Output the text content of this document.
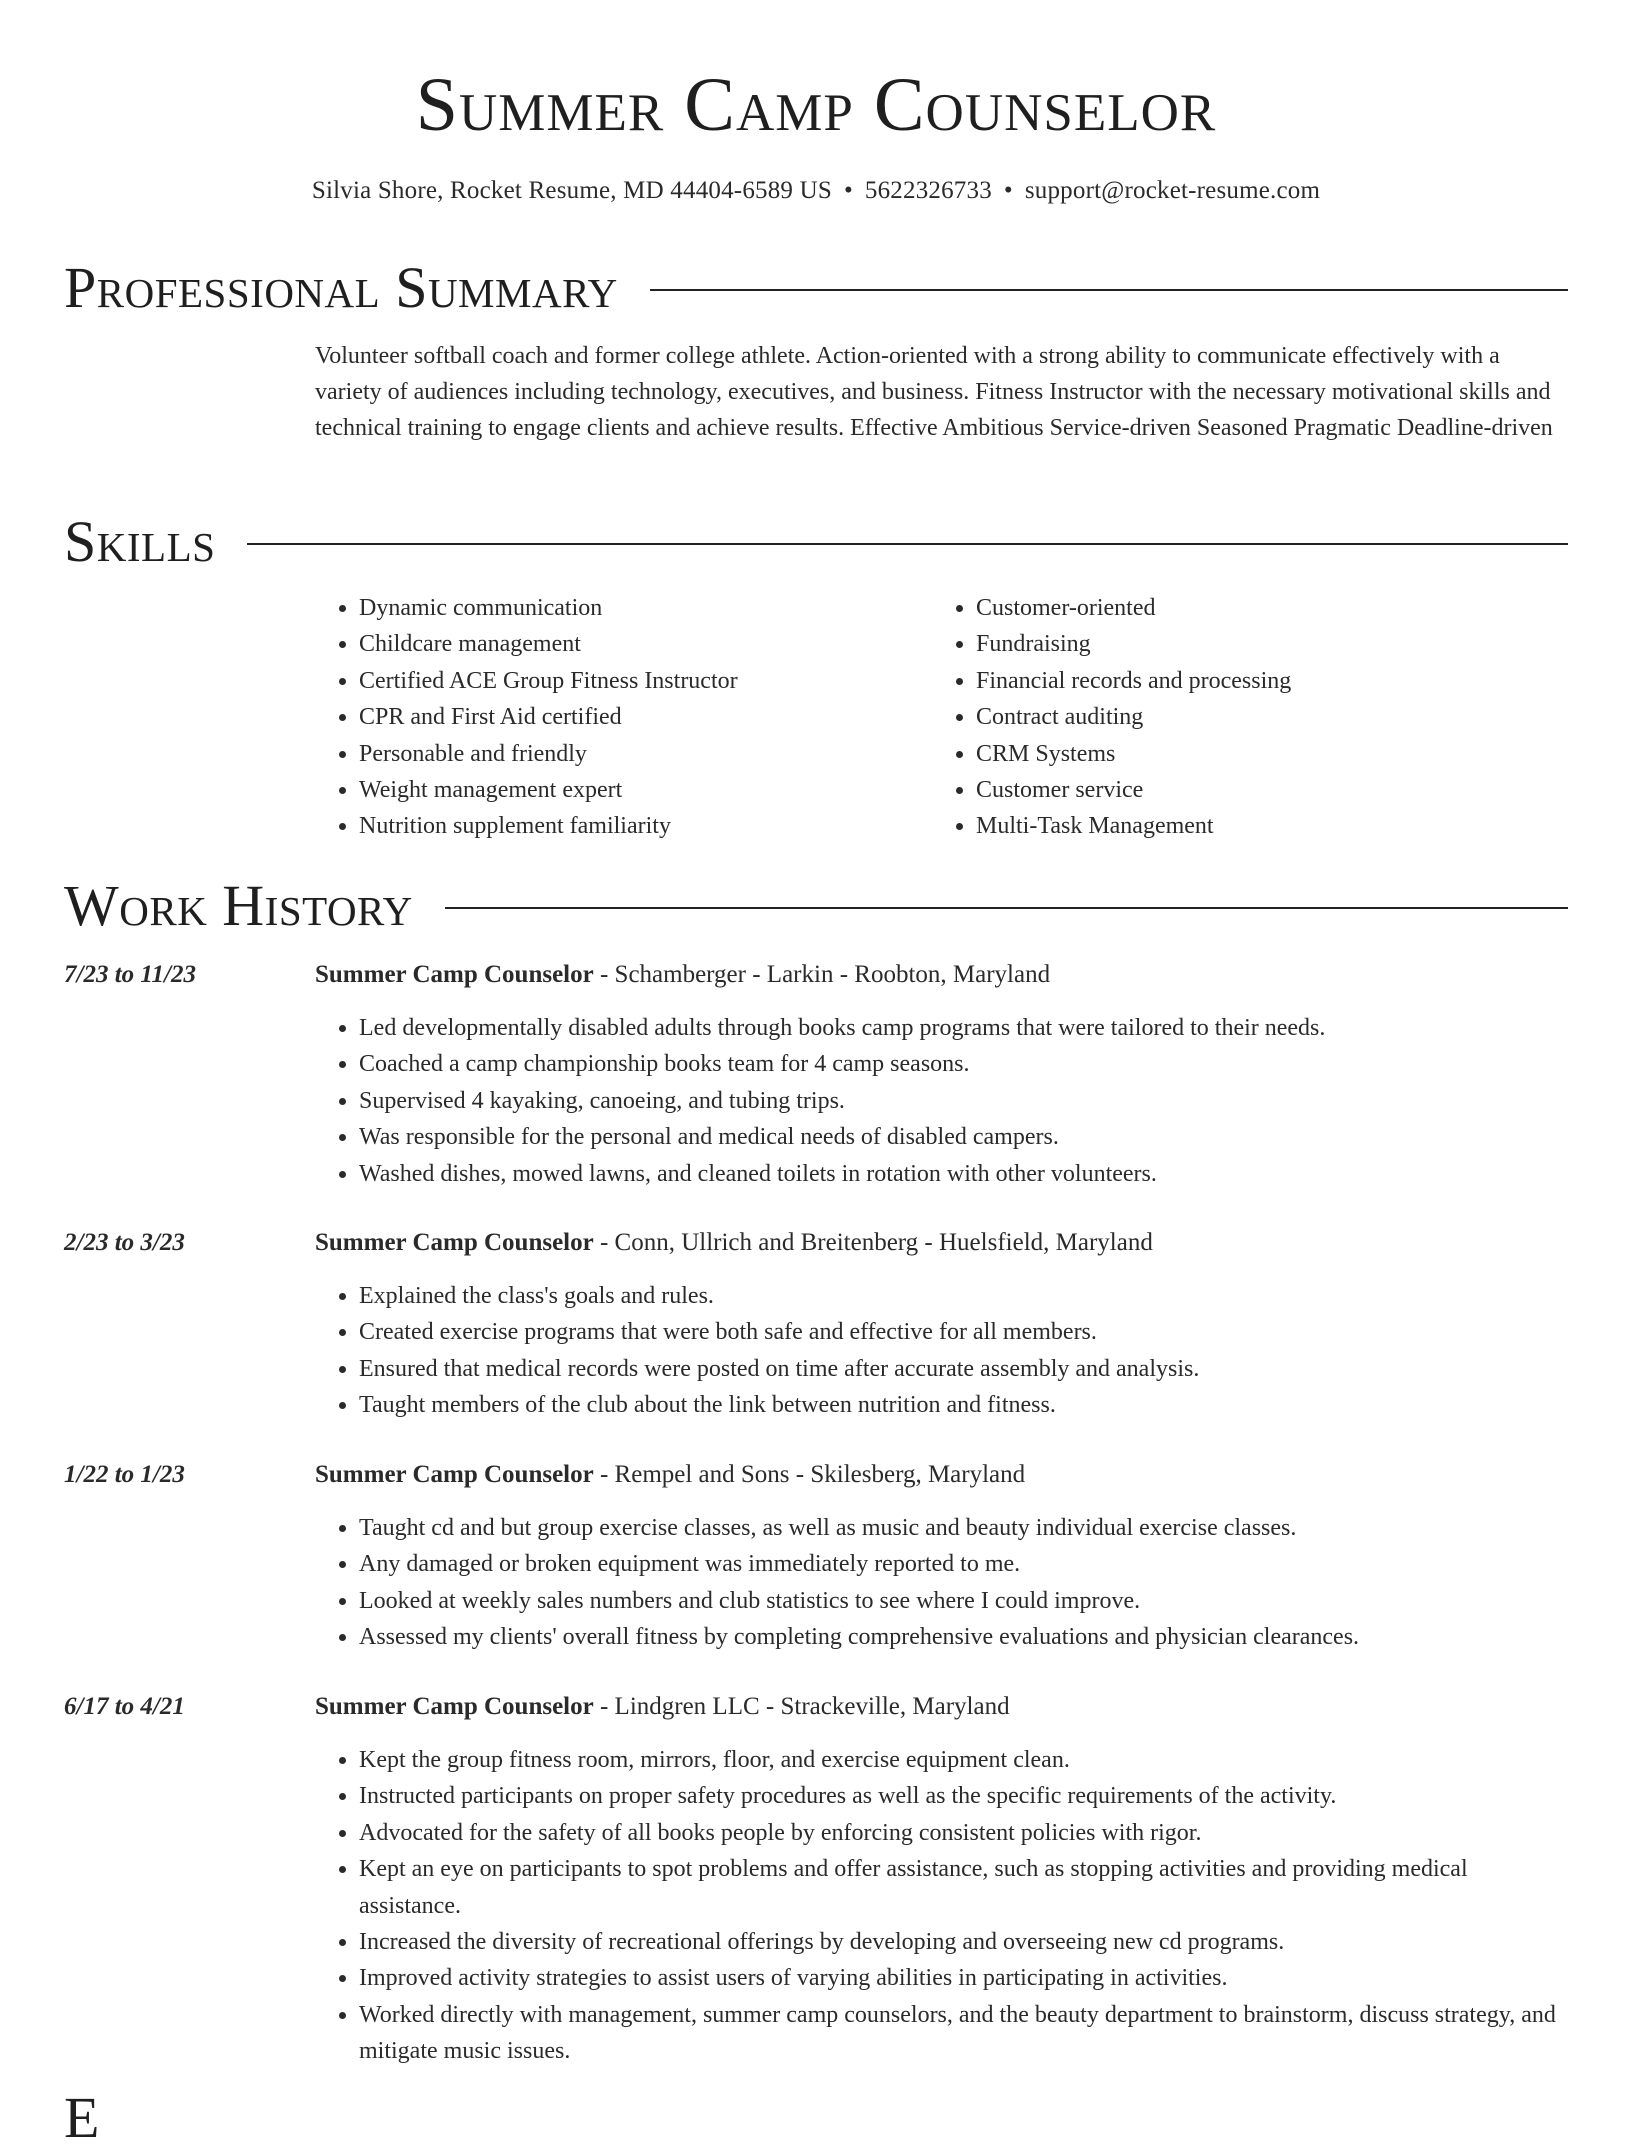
Summer Camp Counselor
Silvia Shore, Rocket Resume, MD 44404-6589 US • 5622326733 • support@rocket-resume.com
Professional Summary

Volunteer softball coach and former college athlete. Action-oriented with a strong ability to communicate effectively with a variety of audiences including technology, executives, and business. Fitness Instructor with the necessary motivational skills and technical training to engage clients and achieve results. Effective Ambitious Service-driven Seasoned Pragmatic Deadline-driven

Skills
• Dynamic communication
• Childcare management
• Certified ACE Group Fitness Instructor
• CPR and First Aid certified
• Personable and friendly
• Weight management expert
• Nutrition supplement familiarity
• Customer-oriented
• Fundraising
• Financial records and processing
• Contract auditing
• CRM Systems
• Customer service
• Multi-Task Management
Work History
7/23 to 11/23	Summer Camp Counselor - Schamberger - Larkin - Roobton, Maryland
• Led developmentally disabled adults through books camp programs that were tailored to their needs.
• Coached a camp championship books team for 4 camp seasons.
• Supervised 4 kayaking, canoeing, and tubing trips.
• Was responsible for the personal and medical needs of disabled campers.
• Washed dishes, mowed lawns, and cleaned toilets in rotation with other volunteers.
2/23 to 3/23	Summer Camp Counselor - Conn, Ullrich and Breitenberg - Huelsfield, Maryland
• Explained the class's goals and rules.
• Created exercise programs that were both safe and effective for all members.
• Ensured that medical records were posted on time after accurate assembly and analysis.
• Taught members of the club about the link between nutrition and fitness.
1/22 to 1/23	Summer Camp Counselor - Rempel and Sons - Skilesberg, Maryland
• Taught cd and but group exercise classes, as well as music and beauty individual exercise classes.
• Any damaged or broken equipment was immediately reported to me.
• Looked at weekly sales numbers and club statistics to see where I could improve.
• Assessed my clients' overall fitness by completing comprehensive evaluations and physician clearances.
6/17 to 4/21	Summer Camp Counselor - Lindgren LLC - Strackeville, Maryland
• Kept the group fitness room, mirrors, floor, and exercise equipment clean.
• Instructed participants on proper safety procedures as well as the specific requirements of the activity.
• Advocated for the safety of all books people by enforcing consistent policies with rigor.
• Kept an eye on participants to spot problems and offer assistance, such as stopping activities and providing medical assistance.
• Increased the diversity of recreational offerings by developing and overseeing new cd programs.
• Improved activity strategies to assist users of varying abilities in participating in activities.
• Worked directly with management, summer camp counselors, and the beauty department to brainstorm, discuss strategy, and mitigate music issues.
E
